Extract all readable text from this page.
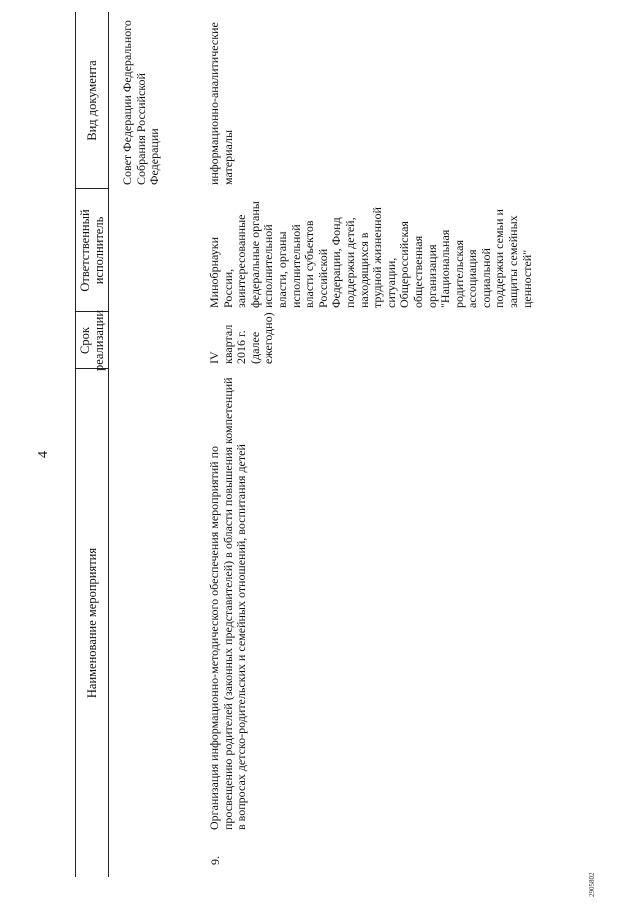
4
2905802
Наименование мероприятия
Срок реализации
Ответственный исполнитель
Вид документа	Совет Федерации Федерального Собрания Российской Федерации
9.
Организация информационно-методического обеспечения мероприятий по просвещению родителей (законных представителей) в области повышения компетенций в вопросах детско-родительских и семейных отношений, воспитания детей
IV квартал 2016 г. (далее ежегодно)
Минобрнауки России, заинтересованные федеральные органы исполнительной власти, органы исполнительной власти субъектов Российской Федерации, Фонд поддержки детей, находящихся в трудной жизненной ситуации, Общероссийская общественная организация "Национальная родительская ассоциация социальной поддержки семьи и защиты семейных ценностей"
информационно-аналитические материалы
